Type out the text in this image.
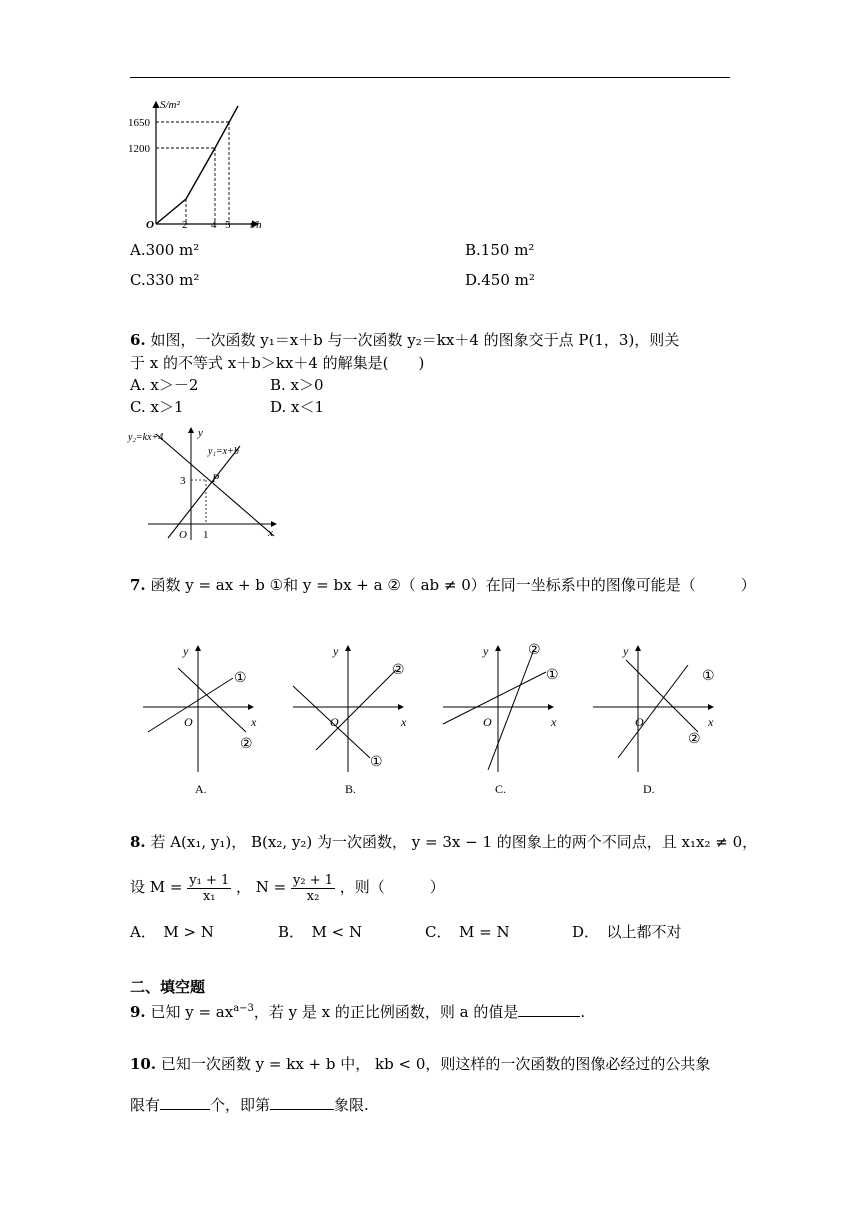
S/m²
t/h
O
1650
1200
2 4 5
A.300 m²	B.150 m²
C.330 m²	D.450 m²
6. 如图，一次函数 y₁＝x＋b 与一次函数 y₂＝kx＋4 的图象交于点 P(1，3)，则关
于 x 的不等式 x＋b＞kx＋4 的解集是(　　)
A. x＞－2	B. x＞0
C. x＞1	D. x＜1
y₂=kx+4
y₁=x+b
y
x
P
3
1
O
7. 函数 y = ax + b ①和 y = bx + a ②（ ab ≠ 0）在同一坐标系中的图像可能是（　　　）
y
x
O
①
②
A.
y
x
O
②
①
B.
y
x
O
②
①
C.
y
x
O
①
②
D.
8. 若 A(x₁, y₁)， B(x₂, y₂) 为一次函数， y = 3x − 1 的图象上的两个不同点，且 x₁x₂ ≠ 0，
设 $M = \frac{\text{y₁ + 1}}{\text{x₁}}$ ， $N = \frac{\text{y₂ + 1}}{\text{x₂}}$ ，则（　　　）
A．　M > N	B．　M < N	C．　M = N	D．　以上都不对
二、填空题
9. 已知 $y = ax^{a-3}$，若 y 是 x 的正比例函数，则 a 的值是	.
10. 已知一次函数 y = kx + b 中， kb < 0，则这样的一次函数的图像必经过的公共象
限有	个，即第	象限.
